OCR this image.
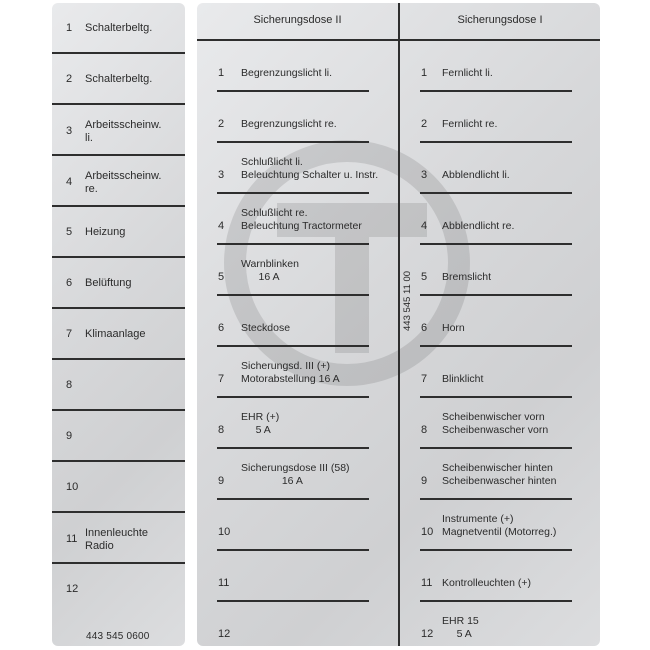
1 Schalterbeltg.
2 Schalterbeltg.
3 Arbeitsscheinw.
li.
4 Arbeitsscheinw.
re.
5 Heizung
6 Belüftung
7 Klimaanlage
8
9
10
11 Innenleuchte
Radio
12
443 545 0600
Sicherungsdose II	Sicherungsdose I
443 545 11 00
1 Begrenzungslicht li.
2 Begrenzungslicht re.
3
Schlußlicht li.
Beleuchtung Schalter u. Instr.
4
Schlußlicht re.
Beleuchtung Tractormeter
5
Warnblinken
16 A
6 Steckdose
7
Sicherungsd. III (+)
Motorabstellung 16 A
8
EHR (+)
5 A
9
Sicherungsdose III (58)
16 A
10
11
12
1 Fernlicht li.
2 Fernlicht re.
3 Abblendlicht li.
4 Abblendlicht re.
5 Bremslicht
6 Horn
7 Blinklicht
8
Scheibenwischer vorn
Scheibenwascher vorn
9
Scheibenwischer hinten
Scheibenwascher hinten
10
Instrumente (+)
Magnetventil (Motorreg.)
11 Kontrolleuchten (+)
12
EHR 15
5 A
